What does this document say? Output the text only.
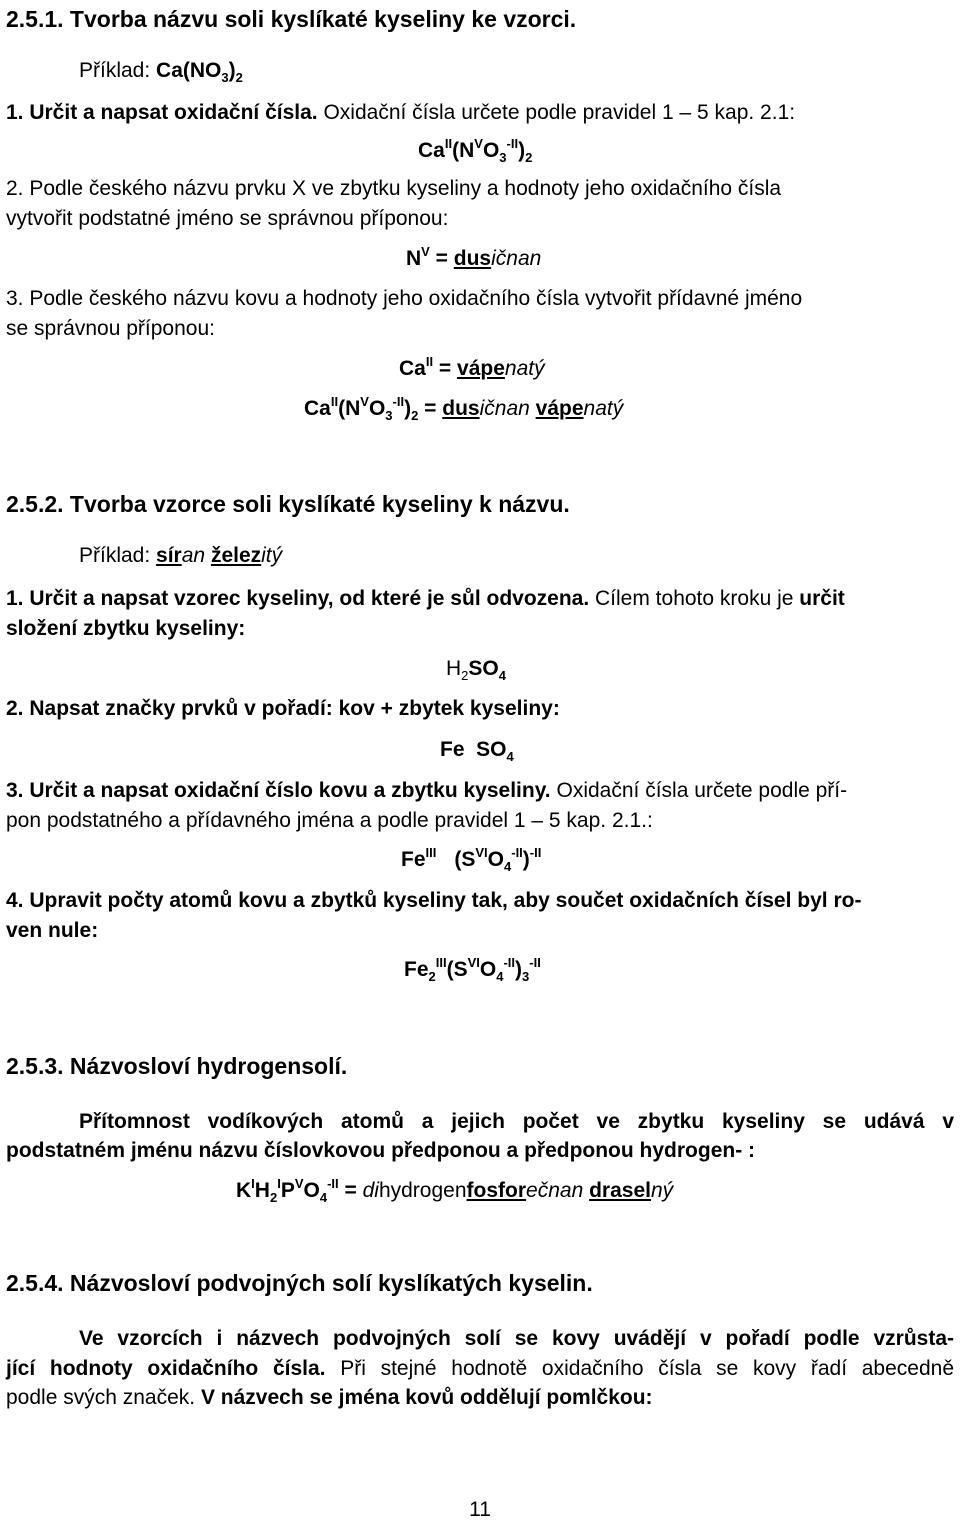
2.5.1. Tvorba názvu soli kyslíkaté kyseliny ke vzorci.
Příklad: $Ca(NO_3)_2$
1. Určit a napsat oxidační čísla. Oxidační čísla určete podle pravidel 1 – 5 kap. 2.1:
$Ca^{II}(N^VO_3^{-II})_2$
2. Podle českého názvu prvku X ve zbytku kyseliny a hodnoty jeho oxidačního čísla
vytvořit podstatné jméno se správnou příponou:
$N^V$ = dusičnan
3. Podle českého názvu kovu a hodnoty jeho oxidačního čísla vytvořit přídavné jméno
se správnou příponou:
$Ca^{II}$ = vápenatý
$Ca^{II}(N^VO_3^{-II})_2$ = dusičnan vápenatý
2.5.2. Tvorba vzorce soli kyslíkaté kyseliny k názvu.
Příklad: síran železitý
1. Určit a napsat vzorec kyseliny, od které je sůl odvozena. Cílem tohoto kroku je určit
složení zbytku kyseliny:
$H_2SO_4$
2. Napsat značky prvků v pořadí: kov + zbytek kyseliny:
Fe  $SO_4$
3. Určit a napsat oxidační číslo kovu a zbytku kyseliny. Oxidační čísla určete podle pří-
pon podstatného a přídavného jména a podle pravidel 1 – 5 kap. 2.1.:
$Fe^{III}$ $(S^{VI}O_4^{-II})^{-II}$
4. Upravit počty atomů kovu a zbytků kyseliny tak, aby součet oxidačních čísel byl ro-
ven nule:
$Fe_2^{III}(S^{VI}O_4^{-II})_3^{-II}$
2.5.3. Názvosloví hydrogensolí.
Přítomnost vodíkových atomů a jejich počet ve zbytku kyseliny se udává v
podstatném jménu názvu číslovkovou předponou a předponou hydrogen- :
$K^IH_2^IP^VO_4^{-II}$ = dihydrogenfosforečnan draselný
2.5.4. Názvosloví podvojných solí kyslíkatých kyselin.
Ve vzorcích i názvech podvojných solí se kovy uvádějí v pořadí podle vzrůsta-
jící hodnoty oxidačního čísla. Při stejné hodnotě oxidačního čísla se kovy řadí abecedně
podle svých značek. V názvech se jména kovů oddělují pomlčkou:
11
